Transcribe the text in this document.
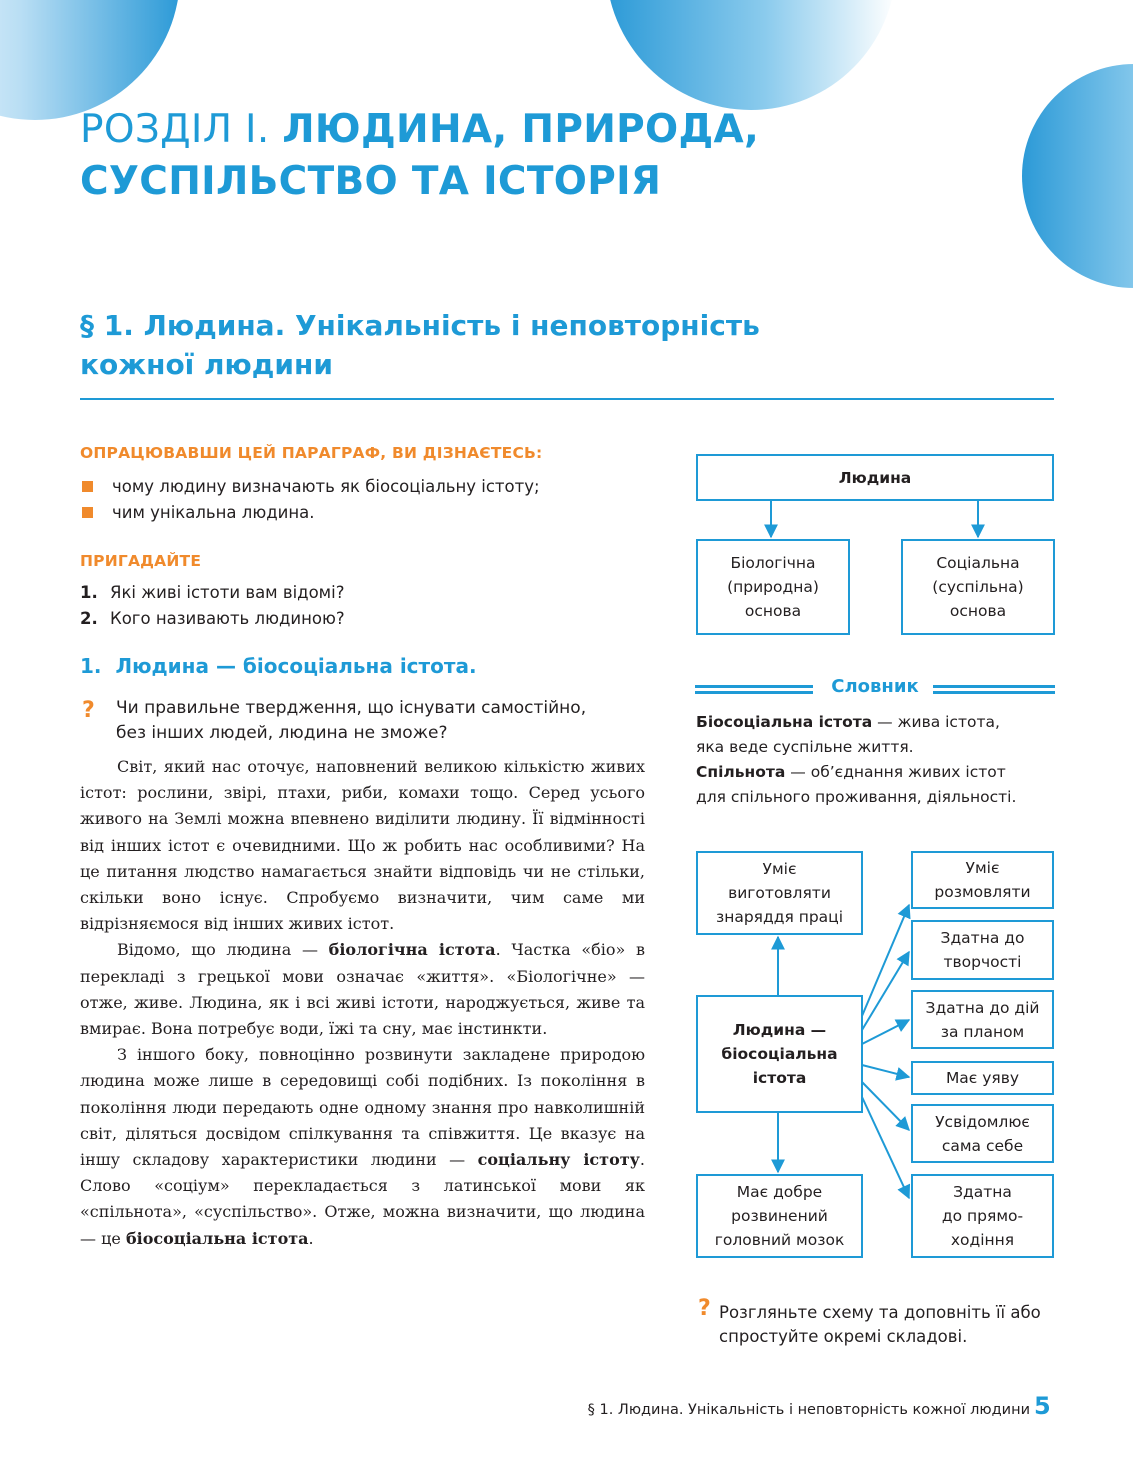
РОЗДІЛ І. ЛЮДИНА, ПРИРОДА,
СУСПІЛЬСТВО ТА ІСТОРІЯ
§ 1. Людина. Унікальність і неповторність
кожної людини
ОПРАЦЮВАВШИ ЦЕЙ ПАРАГРАФ, ВИ ДІЗНАЄТЕСЬ:
чому людину визначають як біосоціальну істоту;
чим унікальна людина.
ПРИГАДАЙТЕ
1. Які живі істоти вам відомі?
2. Кого називають людиною?
1. Людина — біосоціальна істота.
? Чи правильне твердження, що існувати самостійно,
без інших людей, людина не зможе?

Світ, який нас оточує, наповнений великою кількістю живих істот: рослини, звірі, птахи, риби, комахи тощо. Серед усього живого на Землі можна впевнено виділити людину. Її відмінності від інших істот є очевидними. Що ж робить нас особливими? На це питання людство намагається знайти відповідь чи не стільки, скільки воно існує. Спробуємо визначити, чим саме ми відрізняємося від інших живих істот.

Відомо, що людина — біологічна істота. Частка «біо» в перекладі з грецької мови означає «життя». «Біологічне» — отже, живе. Людина, як і всі живі істоти, народжується, живе та вмирає. Вона потребує води, їжі та сну, має інстинкти.

З іншого боку, повноцінно розвинути закладене природою людина може лише в середовищі собі подібних. Із покоління в покоління люди передають одне одному знання про навколишній світ, діляться досвідом спілкування та співжиття. Це вказує на іншу складову характеристики людини — соціальну істоту. Слово «соціум» перекладається з латинської мови як «спільнота», «суспільство». Отже, можна визначити, що людина — це біосоціальна істота.

Людина
Біологічна
(природна)
основа
Соціальна
(суспільна)
основа
Словник
Біосоціальна істота — жива істота,
яка веде суспільне життя.
Спільнота — об’єднання живих істот
для спільного проживання, діяльності.
Уміє
виготовляти
знаряддя праці
Людина —
біосоціальна
істота
Має добре
розвинений
головний мозок
Уміє
розмовляти
Здатна до
творчості
Здатна до дій
за планом
Має уяву
Усвідомлює
сама себе
Здатна
до прямо-
ходіння
? Розгляньте схему та доповніть її або
спростуйте окремі складові.
§ 1. Людина. Унікальність і неповторність кожної людини 5
